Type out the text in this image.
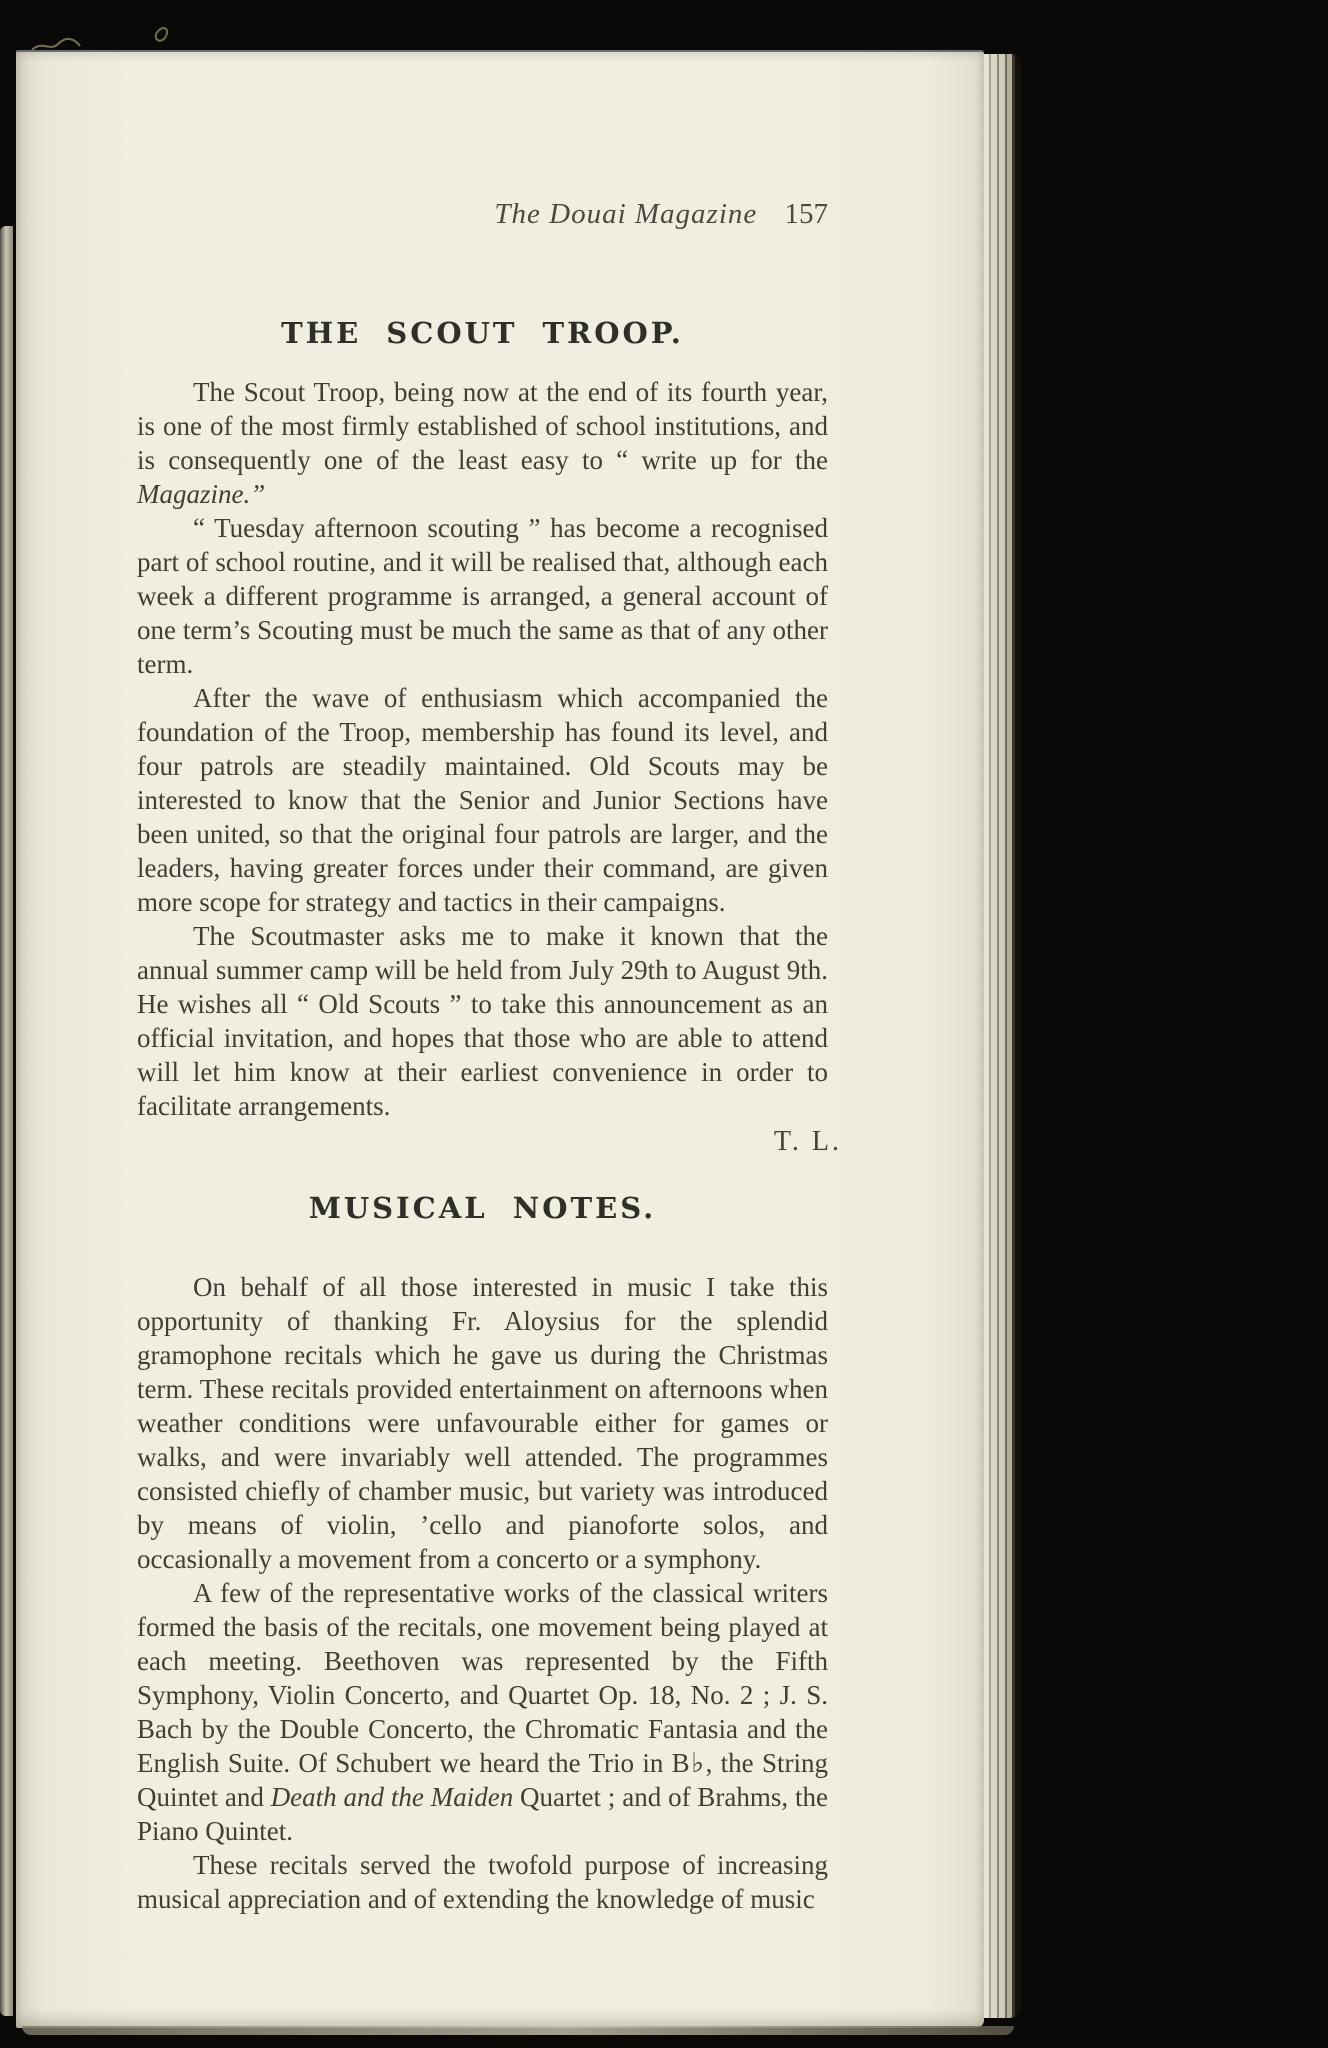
The Douai Magazine 157
THE SCOUT TROOP.

The Scout Troop, being now at the end of its fourth year, is one of the most firmly established of school institutions, and is consequently one of the least easy to “ write up for the Magazine.”

“ Tuesday afternoon scouting ” has become a recognised part of school routine, and it will be realised that, although each week a different programme is arranged, a general account of one term’s Scouting must be much the same as that of any other term.

After the wave of enthusiasm which accompanied the foundation of the Troop, membership has found its level, and four patrols are steadily maintained. Old Scouts may be interested to know that the Senior and Junior Sections have been united, so that the original four patrols are larger, and the leaders, having greater forces under their command, are given more scope for strategy and tactics in their campaigns.

The Scoutmaster asks me to make it known that the annual summer camp will be held from July 29th to August 9th. He wishes all “ Old Scouts ” to take this announcement as an official invitation, and hopes that those who are able to attend will let him know at their earliest convenience in order to facilitate arrangements.

T. L.
MUSICAL NOTES.

On behalf of all those interested in music I take this opportunity of thanking Fr. Aloysius for the splendid gramophone recitals which he gave us during the Christmas term. These recitals provided entertainment on afternoons when weather conditions were unfavourable either for games or walks, and were invariably well attended. The programmes consisted chiefly of chamber music, but variety was introduced by means of violin, ’cello and pianoforte solos, and occasionally a movement from a concerto or a symphony.

A few of the representative works of the classical writers formed the basis of the recitals, one movement being played at each meeting. Beethoven was represented by the Fifth Symphony, Violin Concerto, and Quartet Op. 18, No. 2 ; J. S. Bach by the Double Concerto, the Chromatic Fantasia and the English Suite. Of Schubert we heard the Trio in B♭, the String Quintet and Death and the Maiden Quartet ; and of Brahms, the Piano Quintet.

These recitals served the twofold purpose of increasing musical appreciation and of extending the knowledge of music
